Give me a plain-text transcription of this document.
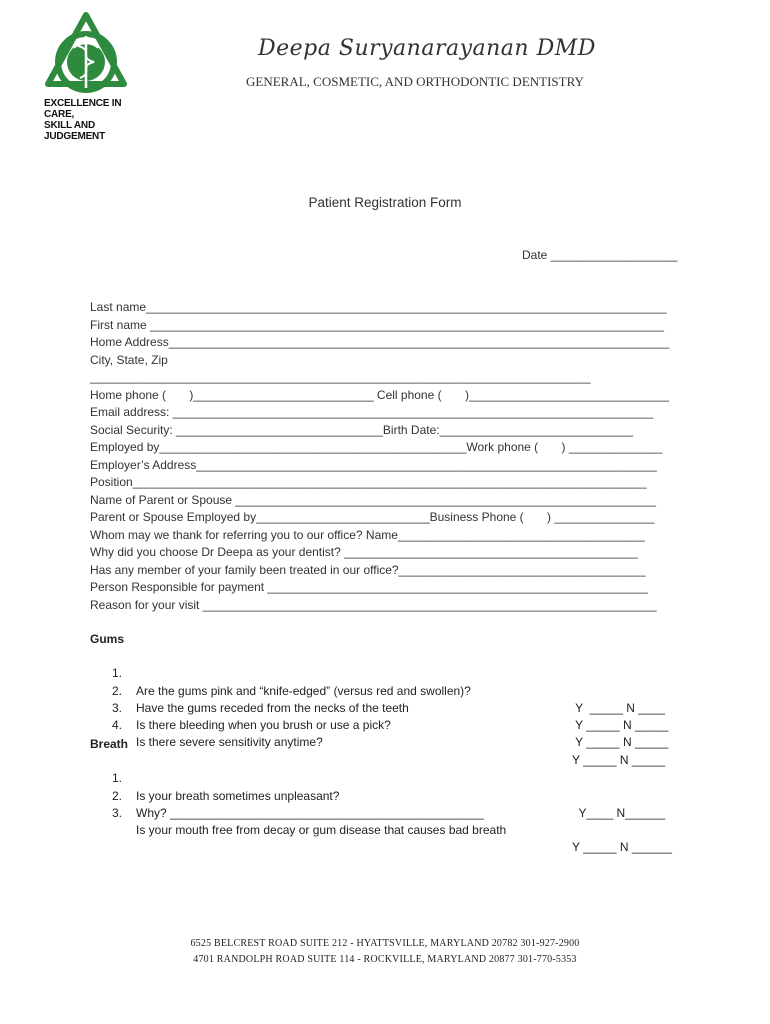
EXCELLENCE IN CARE,
SKILL AND JUDGEMENT
Deepa Suryanarayanan DMD
GENERAL, COSMETIC, AND ORTHODONTIC DENTISTRY
Patient Registration Form
Date ___________________
Last name______________________________________________________________________________
First name _____________________________________________________________________________
Home Address___________________________________________________________________________
City, State, Zip
___________________________________________________________________________
Home phone (       )___________________________ Cell phone (       )______________________________
Email address: ________________________________________________________________________
Social Security: _______________________________Birth Date:_____________________________
Employed by______________________________________________Work phone (       ) ______________
Employer’s Address_____________________________________________________________________
Position_____________________________________________________________________________
Name of Parent or Spouse _______________________________________________________________
Parent or Spouse Employed by__________________________Business Phone (       ) _______________
Whom may we thank for referring you to our office? Name_____________________________________
Why did you choose Dr Deepa as your dentist? ____________________________________________
Has any member of your family been treated in our office?_____________________________________
Person Responsible for payment _________________________________________________________
Reason for your visit ____________________________________________________________________
Gums

1.

Are the gums pink and “knife-edged” (versus red and swollen)?

Y  _____ N ____

2.

Have the gums receded from the necks of the teeth

Y _____ N _____

3.

Is there bleeding when you brush or use a pick?

Y _____ N _____

4.

Is there severe sensitivity anytime?

Y _____ N _____

Breath

1.

Is your breath sometimes unpleasant?

Y____ N______

2.

Why? _______________________________________________

3.

Is your mouth free from decay or gum disease that causes bad breath

Y _____ N ______

6525 BELCREST ROAD SUITE 212 - HYATTSVILLE, MARYLAND 20782 301-927-2900
4701 RANDOLPH ROAD SUITE 114 - ROCKVILLE, MARYLAND 20877 301-770-5353
